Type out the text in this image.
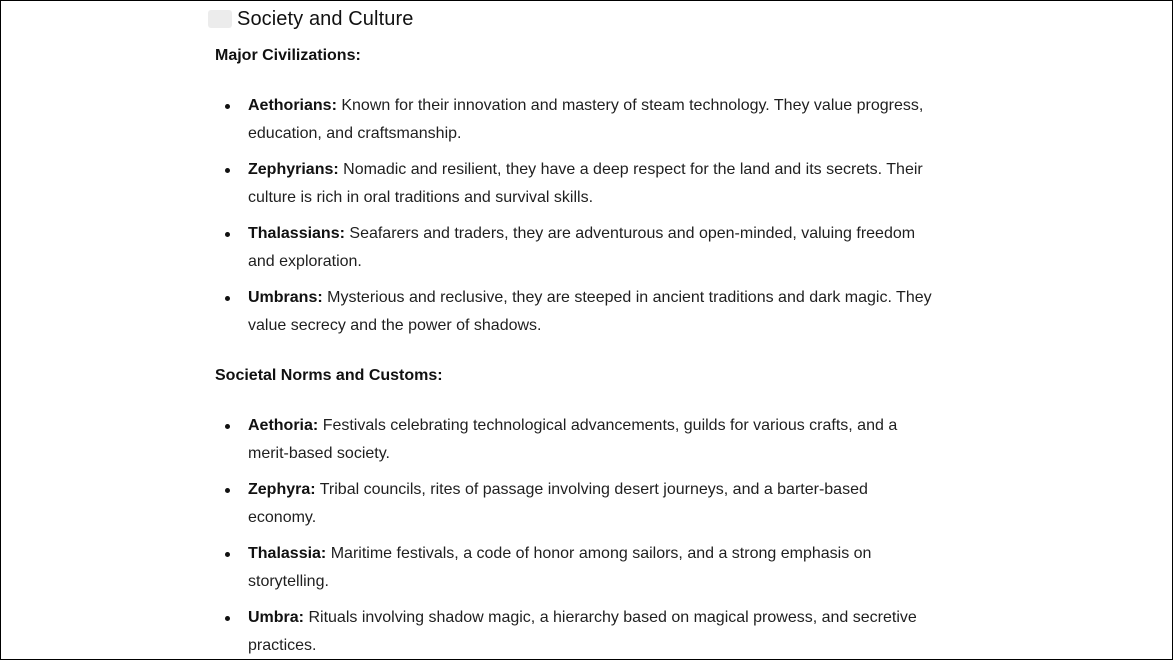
Society and Culture
Major Civilizations:
Aethorians: Known for their innovation and mastery of steam technology. They value progress, education, and craftsmanship.
Zephyrians: Nomadic and resilient, they have a deep respect for the land and its secrets. Their culture is rich in oral traditions and survival skills.
Thalassians: Seafarers and traders, they are adventurous and open-minded, valuing freedom and exploration.
Umbrans: Mysterious and reclusive, they are steeped in ancient traditions and dark magic. They value secrecy and the power of shadows.
Societal Norms and Customs:
Aethoria: Festivals celebrating technological advancements, guilds for various crafts, and a merit-based society.
Zephyra: Tribal councils, rites of passage involving desert journeys, and a barter-based economy.
Thalassia: Maritime festivals, a code of honor among sailors, and a strong emphasis on storytelling.
Umbra: Rituals involving shadow magic, a hierarchy based on magical prowess, and secretive practices.
